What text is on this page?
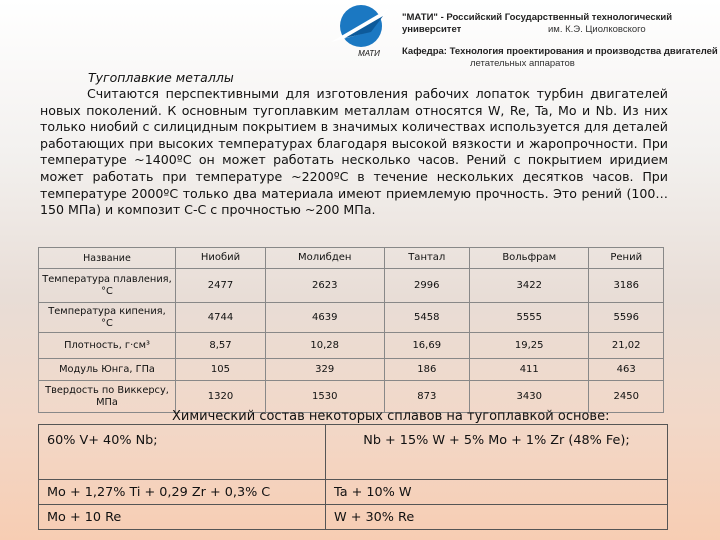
МАТИ
"МАТИ" - Российский Государственный технологический университет	им. К.Э. Циолковского
Кафедра: Технология проектирования и производства двигателей
летательных аппаратов
Тугоплавкие металлы
Считаются перспективными для изготовления рабочих лопаток турбин двигателей новых поколений. К основным тугоплавким металлам относятся W, Re, Ta, Mo и Nb. Из них только ниобий с силицидным покрытием в значимых количествах используется для деталей работающих при высоких температурах благодаря высокой вязкости и жаропрочности. При температуре ~1400ºС он может работать несколько часов. Рений с покрытием иридием может работать при температуре ~2200ºС в течение нескольких десятков часов. При температуре 2000ºС только два материала имеют приемлемую прочность. Это рений (100…150 МПа) и композит С-С с прочностью ~200 МПа.
Название	Ниобий	Молибден	Тантал	Вольфрам	Рений
Температура плавления, °С	2477	2623	2996	3422	3186
Температура кипения, °С	4744	4639	5458	5555	5596
Плотность, г·см³	8,57	10,28	16,69	19,25	21,02
Модуль Юнга, ГПа	105	329	186	411	463
Твердость по Виккерсу, МПа	1320	1530	873	3430	2450
Химический состав некоторых сплавов на тугоплавкой основе:
60% V+ 40% Nb;	Nb + 15% W + 5% Mo + 1% Zr (48% Fe);
Mo + 1,27% Ti + 0,29 Zr + 0,3% C	Ta + 10% W
Mo + 10 Re	W + 30% Re
